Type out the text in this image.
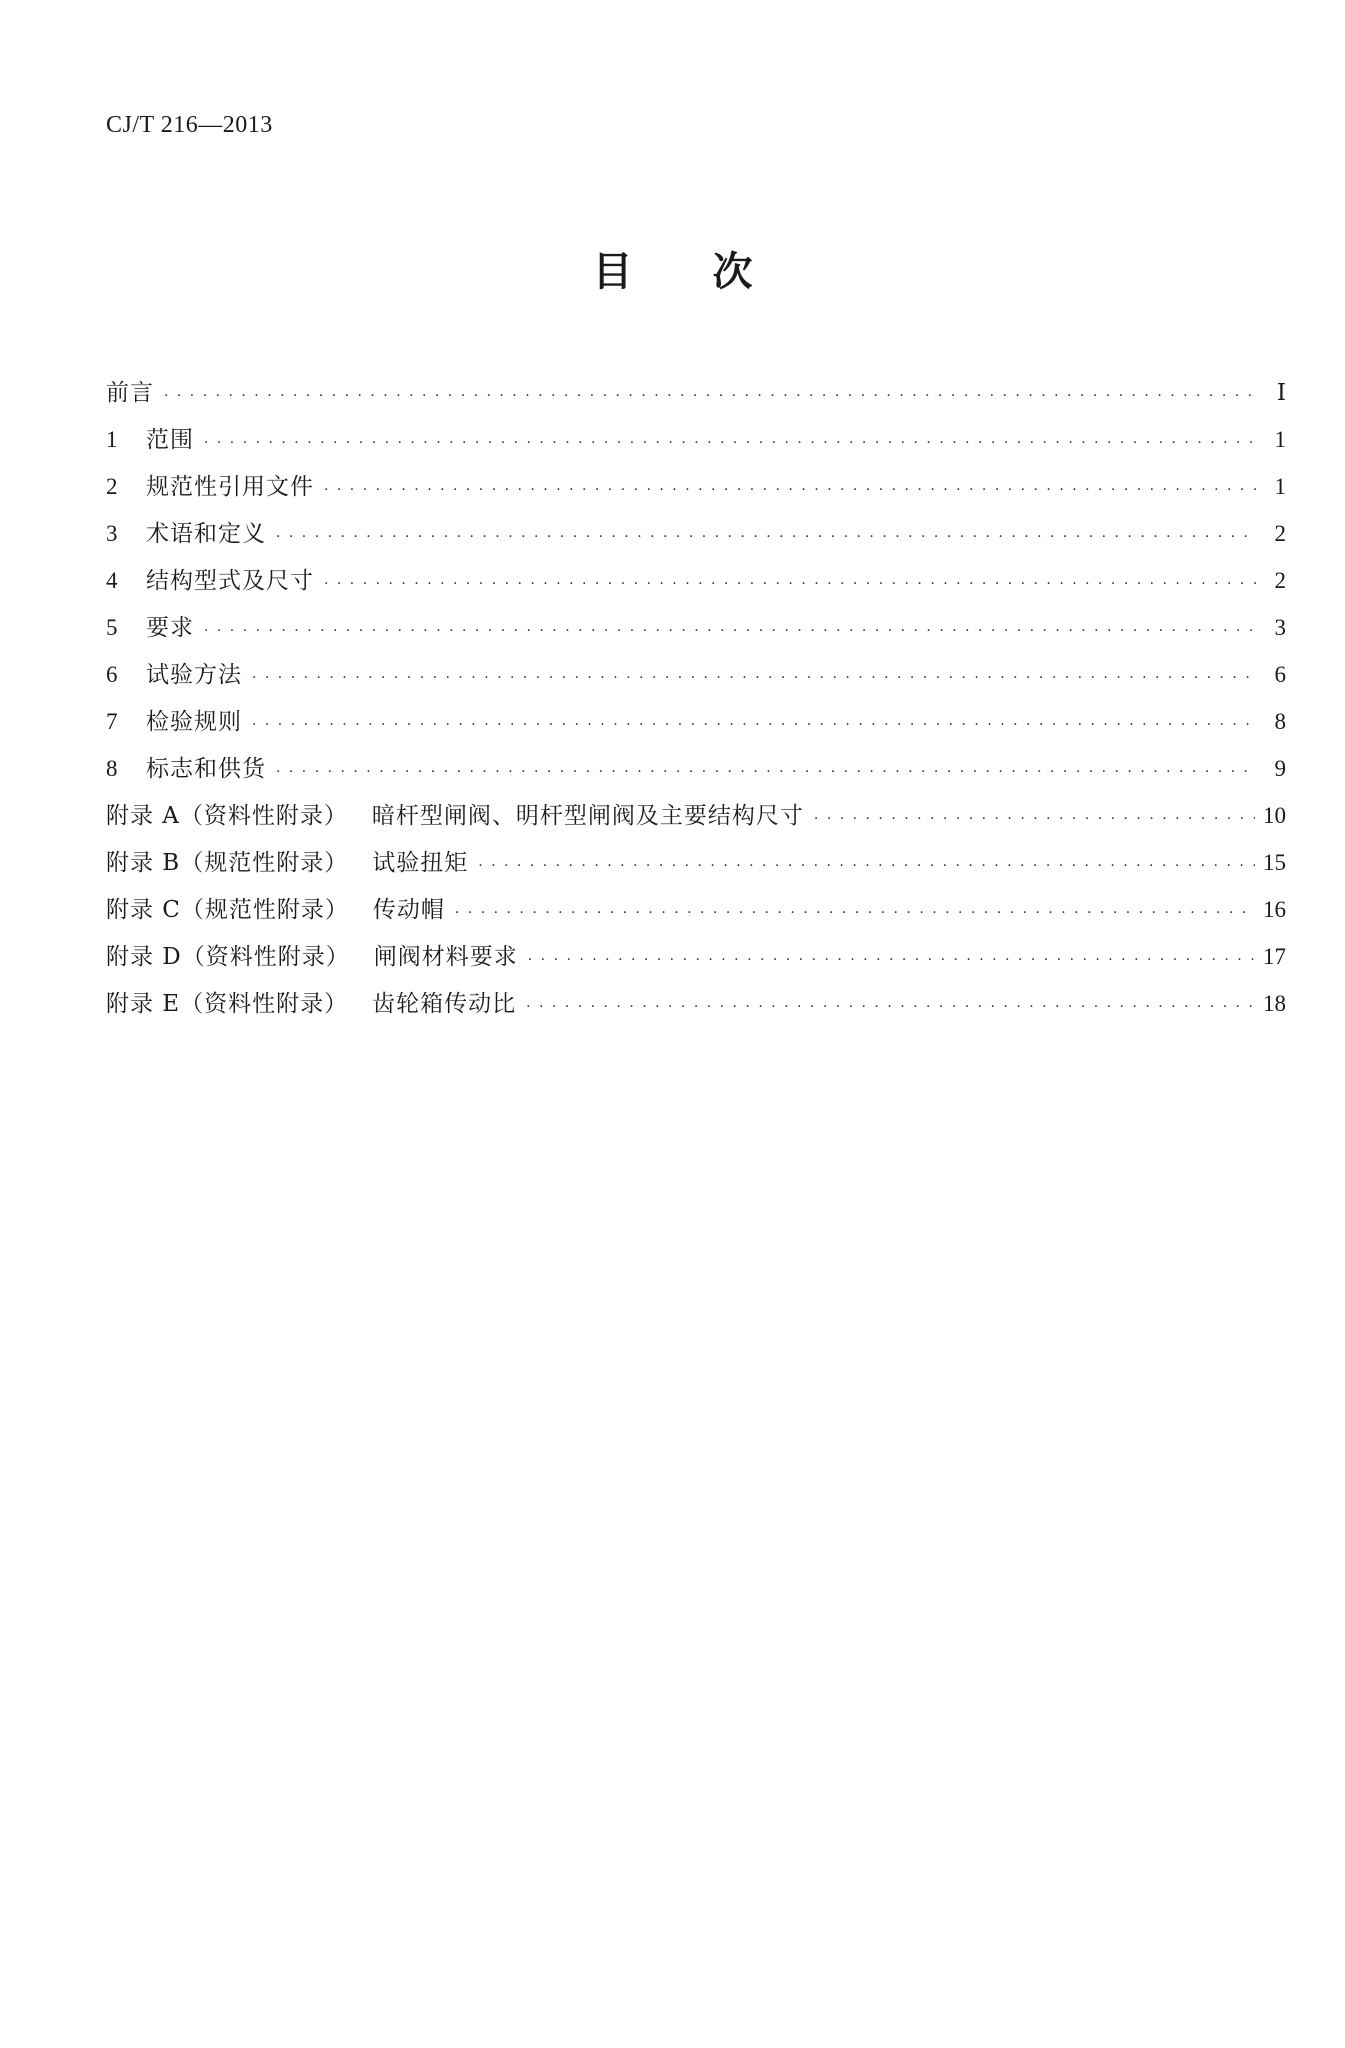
CJ/T 216—2013
目次
前言 · · ·	Ⅰ
1	范围 · · ·	1
2	规范性引用文件 · · ·	1
3	术语和定义 · · ·	2
4	结构型式及尺寸 · · ·	2
5	要求 · · ·	3
6	试验方法 · · ·	6
7	检验规则 · · ·	8
8	标志和供货 · · ·	9
附录 A（资料性附录） 暗杆型闸阀、明杆型闸阀及主要结构尺寸 · · ·	10
附录 B（规范性附录） 试验扭矩 · · ·	15
附录 C（规范性附录） 传动帽 · · ·	16
附录 D（资料性附录） 闸阀材料要求 · · ·	17
附录 E（资料性附录） 齿轮箱传动比 · · ·	18
